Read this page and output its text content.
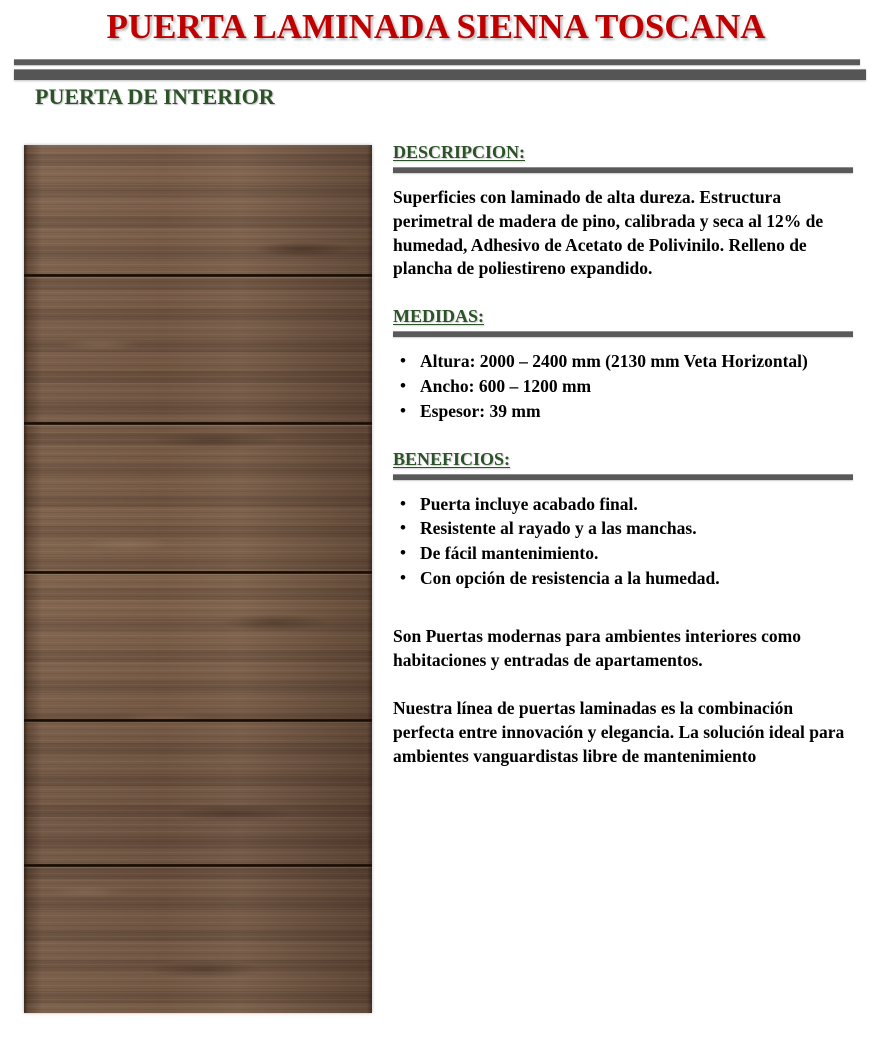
PUERTA LAMINADA SIENNA TOSCANA
PUERTA DE INTERIOR
DESCRIPCION:

Superficies con laminado de alta dureza. Estructura perimetral de madera de pino, calibrada y seca al 12% de humedad, Adhesivo de Acetato de Polivinilo. Relleno de plancha de poliestireno expandido.

MEDIDAS:
• Altura: 2000 – 2400 mm (2130 mm Veta Horizontal)
• Ancho: 600 – 1200 mm
• Espesor: 39 mm
BENEFICIOS:
• Puerta incluye acabado final.
• Resistente al rayado y a las manchas.
• De fácil mantenimiento.
• Con opción de resistencia a la humedad.

Son Puertas modernas para ambientes interiores como habitaciones y entradas de apartamentos.

Nuestra línea de puertas laminadas es la combinación perfecta entre innovación y elegancia. La solución ideal para ambientes vanguardistas libre de mantenimiento
